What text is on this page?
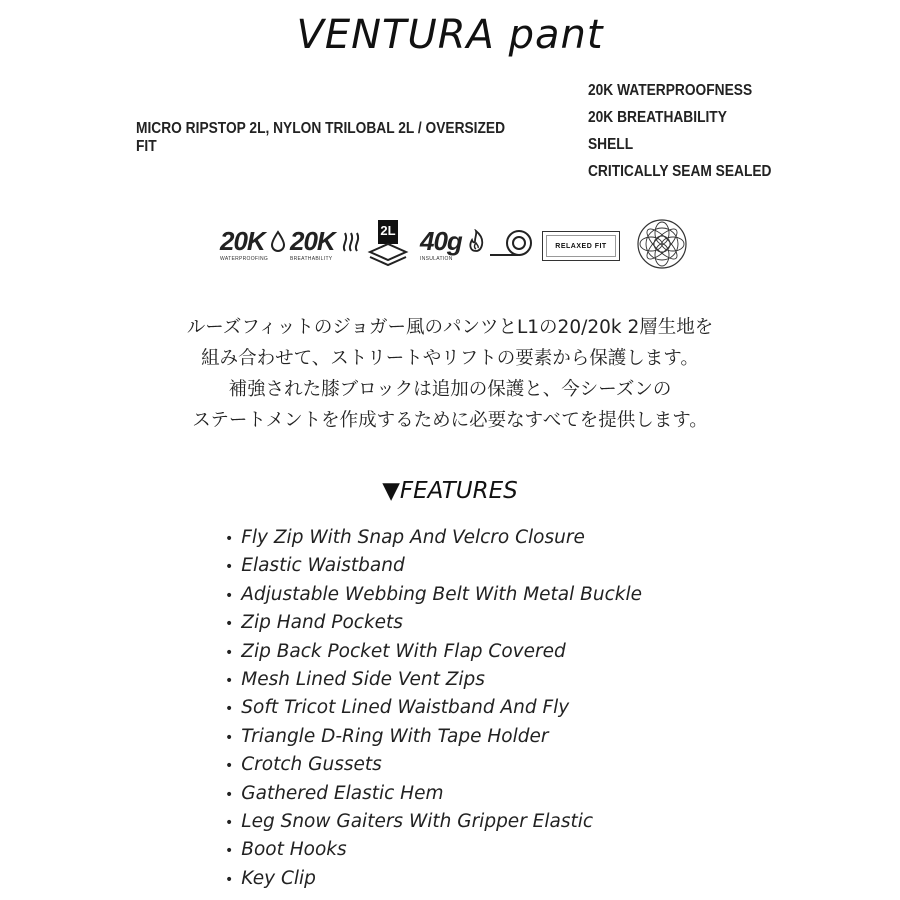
VENTURA pant
MICRO RIPSTOP 2L, NYLON TRILOBAL 2L / OVERSIZED FIT
20K WATERPROOFNESS
20K BREATHABILITY
SHELL
CRITICALLY SEAM SEALED
20K
WATERPROOFING
20K
BREATHABILITY
2L 40g
INSULATION
RELAXED FIT
ルーズフィットのジョガー風のパンツとL1の20/20k 2層生地を
組み合わせて、ストリートやリフトの要素から保護します。
補強された膝ブロックは追加の保護と、今シーズンの
ステートメントを作成するために必要なすべてを提供します。
▼FEATURES
• Fly Zip With Snap And Velcro Closure
• Elastic Waistband
• Adjustable Webbing Belt With Metal Buckle
• Zip Hand Pockets
• Zip Back Pocket With Flap Covered
• Mesh Lined Side Vent Zips
• Soft Tricot Lined Waistband And Fly
• Triangle D-Ring With Tape Holder
• Crotch Gussets
• Gathered Elastic Hem
• Leg Snow Gaiters With Gripper Elastic
• Boot Hooks
• Key Clip
